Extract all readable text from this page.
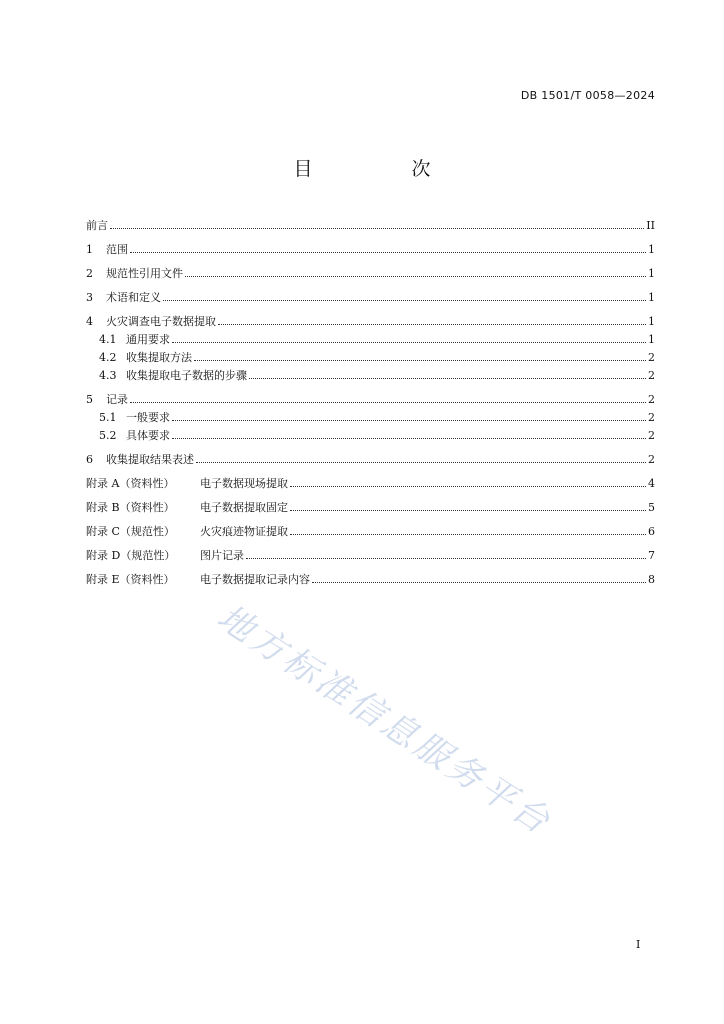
DB 1501/T 0058—2024
目　次
前言	II
1	范围	1
2	规范性引用文件	1
3	术语和定义	1
4	火灾调查电子数据提取	1
4.1 通用要求	1
4.2 收集提取方法	2
4.3 收集提取电子数据的步骤	2
5	记录	2
5.1 一般要求	2
5.2 具体要求	2
6	收集提取结果表述	2
附录 A（资料性）	电子数据现场提取	4
附录 B（资料性）	电子数据提取固定	5
附录 C（规范性）	火灾痕迹物证提取	6
附录 D（规范性）	图片记录	7
附录 E（资料性）	电子数据提取记录内容	8
地方标准信息服务平台
I
